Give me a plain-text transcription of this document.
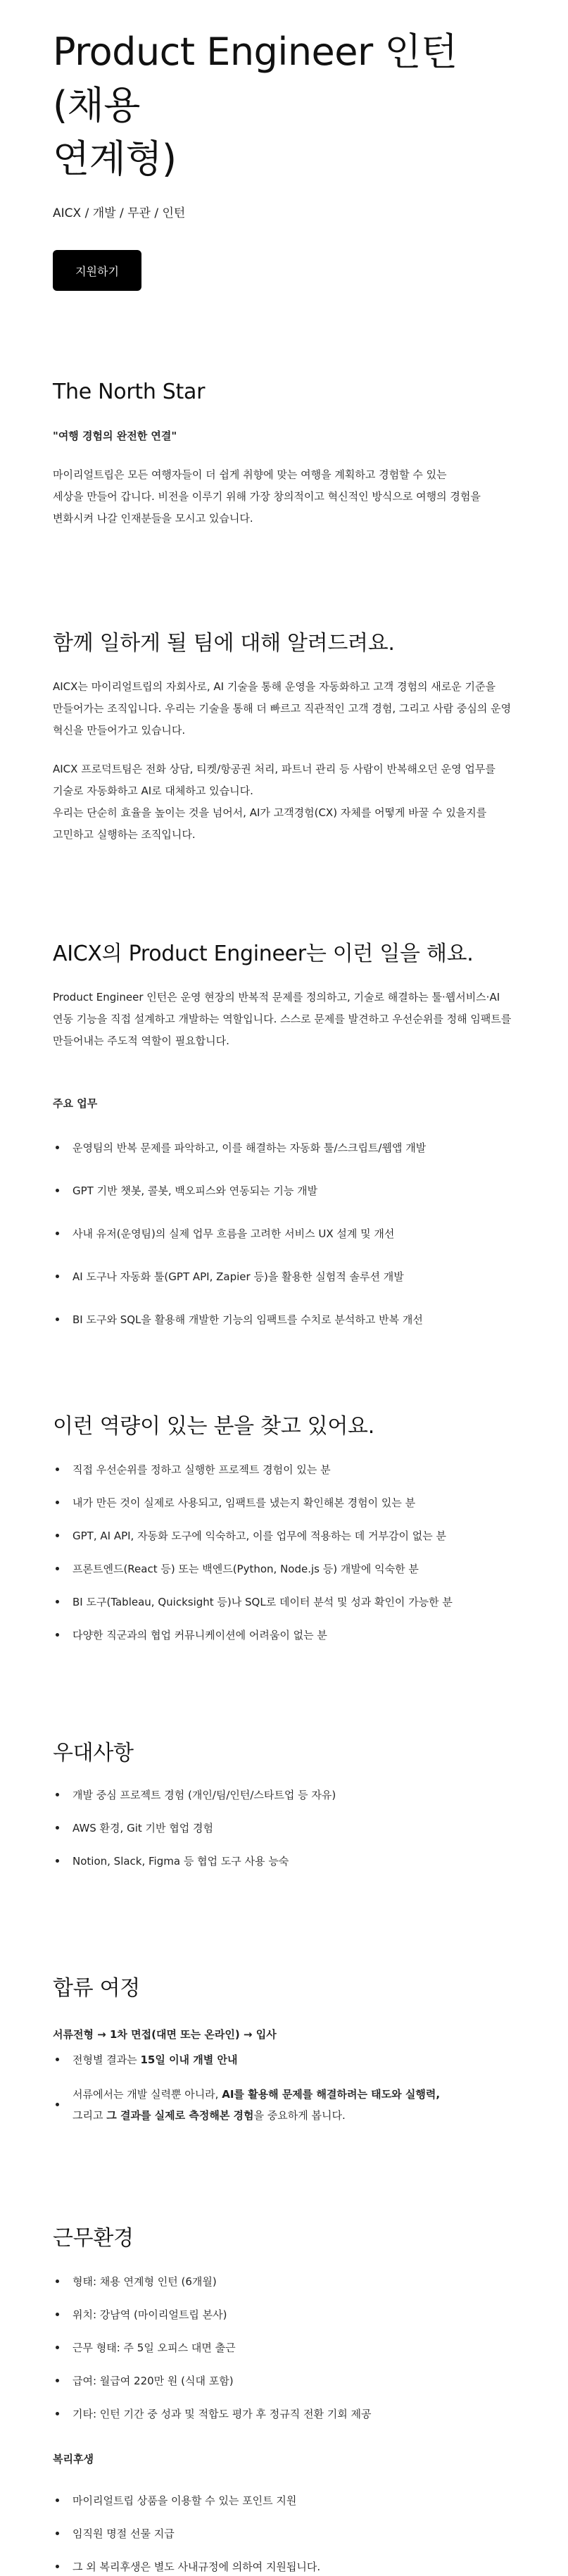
Product Engineer 인턴 (채용
연계형)
AICX / 개발 / 무관 / 인턴
지원하기
The North Star

"여행 경험의 완전한 연결"

마이리얼트립은 모든 여행자들이 더 쉽게 취향에 맞는 여행을 계획하고 경험할 수 있는

세상을 만들어 갑니다. 비전을 이루기 위해 가장 창의적이고 혁신적인 방식으로 여행의 경험을

변화시켜 나갈 인재분들을 모시고 있습니다.

함께 일하게 될 팀에 대해 알려드려요.

AICX는 마이리얼트립의 자회사로, AI 기술을 통해 운영을 자동화하고 고객 경험의 새로운 기준을

만들어가는 조직입니다. 우리는 기술을 통해 더 빠르고 직관적인 고객 경험, 그리고 사람 중심의 운영

혁신을 만들어가고 있습니다.

AICX 프로덕트팀은 전화 상담, 티켓/항공권 처리, 파트너 관리 등 사람이 반복해오던 운영 업무를

기술로 자동화하고 AI로 대체하고 있습니다.

우리는 단순히 효율을 높이는 것을 넘어서, AI가 고객경험(CX) 자체를 어떻게 바꿀 수 있을지를

고민하고 실행하는 조직입니다.

AICX의 Product Engineer는 이런 일을 해요.

Product Engineer 인턴은 운영 현장의 반복적 문제를 정의하고, 기술로 해결하는 툴·웹서비스·AI

연동 기능을 직접 설계하고 개발하는 역할입니다. 스스로 문제를 발견하고 우선순위를 정해 임팩트를

만들어내는 주도적 역할이 필요합니다.

주요 업무

운영팀의 반복 문제를 파악하고, 이를 해결하는 자동화 툴/스크립트/웹앱 개발
GPT 기반 챗봇, 콜봇, 백오피스와 연동되는 기능 개발
사내 유저(운영팀)의 실제 업무 흐름을 고려한 서비스 UX 설계 및 개선
AI 도구나 자동화 툴(GPT API, Zapier 등)을 활용한 실험적 솔루션 개발
BI 도구와 SQL을 활용해 개발한 기능의 임팩트를 수치로 분석하고 반복 개선
이런 역량이 있는 분을 찾고 있어요.
직접 우선순위를 정하고 실행한 프로젝트 경험이 있는 분
내가 만든 것이 실제로 사용되고, 임팩트를 냈는지 확인해본 경험이 있는 분
GPT, AI API, 자동화 도구에 익숙하고, 이를 업무에 적용하는 데 거부감이 없는 분
프론트엔드(React 등) 또는 백엔드(Python, Node.js 등) 개발에 익숙한 분
BI 도구(Tableau, Quicksight 등)나 SQL로 데이터 분석 및 성과 확인이 가능한 분
다양한 직군과의 협업 커뮤니케이션에 어려움이 없는 분
우대사항
개발 중심 프로젝트 경험 (개인/팀/인턴/스타트업 등 자유)
AWS 환경, Git 기반 협업 경험
Notion, Slack, Figma 등 협업 도구 사용 능숙
합류 여정

서류전형 → 1차 면접(대면 또는 온라인) → 입사

전형별 결과는 15일 이내 개별 안내
서류에서는 개발 실력뿐 아니라, AI를 활용해 문제를 해결하려는 태도와 실행력,
그리고 그 결과를 실제로 측정해본 경험을 중요하게 봅니다.
근무환경
형태: 채용 연계형 인턴 (6개월)
위치: 강남역 (마이리얼트립 본사)
근무 형태: 주 5일 오피스 대면 출근
급여: 월급여 220만 원 (식대 포함)
기타: 인턴 기간 중 성과 및 적합도 평가 후 정규직 전환 기회 제공

복리후생

마이리얼트립 상품을 이용할 수 있는 포인트 지원
임직원 명절 선물 지급
그 외 복리후생은 별도 사내규정에 의하여 지원됩니다.
